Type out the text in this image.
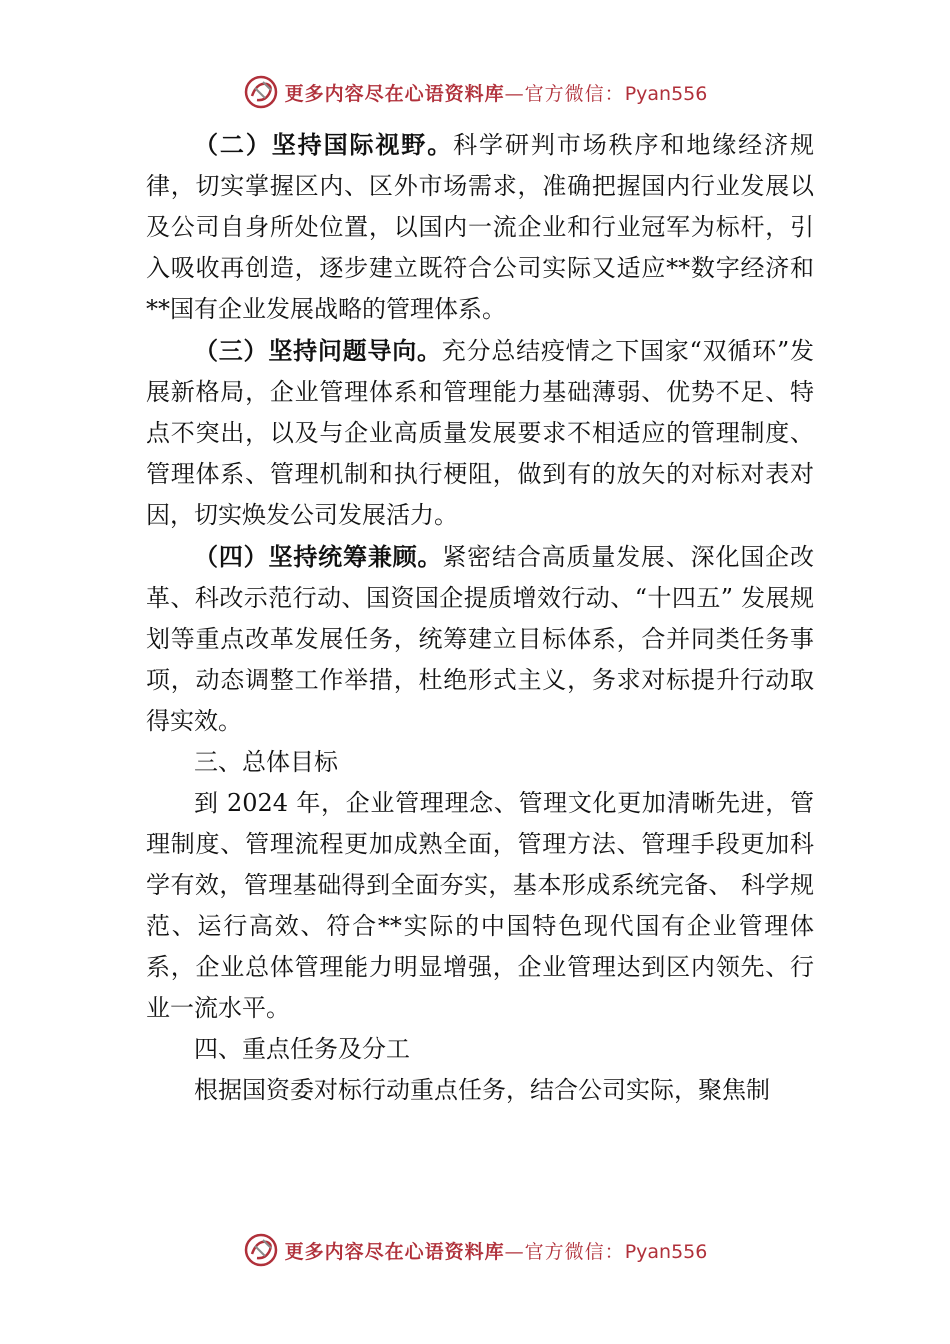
更多内容尽在心语资料库—官方微信：Pyan556

（二）坚持国际视野。科学研判市场秩序和地缘经济规律，切实掌握区内、区外市场需求，准确把握国内行业发展以及公司自身所处位置，以国内一流企业和行业冠军为标杆，引入吸收再创造，逐步建立既符合公司实际又适应**数字经济和**国有企业发展战略的管理体系。

（三）坚持问题导向。充分总结疫情之下国家“双循环”发展新格局，企业管理体系和管理能力基础薄弱、优势不足、特点不突出，以及与企业高质量发展要求不相适应的管理制度、管理体系、管理机制和执行梗阻，做到有的放矢的对标对表对因，切实焕发公司发展活力。

（四）坚持统筹兼顾。紧密结合高质量发展、深化国企改革、科改示范行动、国资国企提质增效行动、“十四五” 发展规划等重点改革发展任务，统筹建立目标体系，合并同类任务事项，动态调整工作举措，杜绝形式主义，务求对标提升行动取得实效。

三、总体目标

到 2024 年，企业管理理念、管理文化更加清晰先进，管理制度、管理流程更加成熟全面，管理方法、管理手段更加科学有效，管理基础得到全面夯实，基本形成系统完备、 科学规范、运行高效、符合**实际的中国特色现代国有企业管理体系，企业总体管理能力明显增强，企业管理达到区内领先、行业一流水平。

四、重点任务及分工

根据国资委对标行动重点任务，结合公司实际，聚焦制

更多内容尽在心语资料库—官方微信：Pyan556
